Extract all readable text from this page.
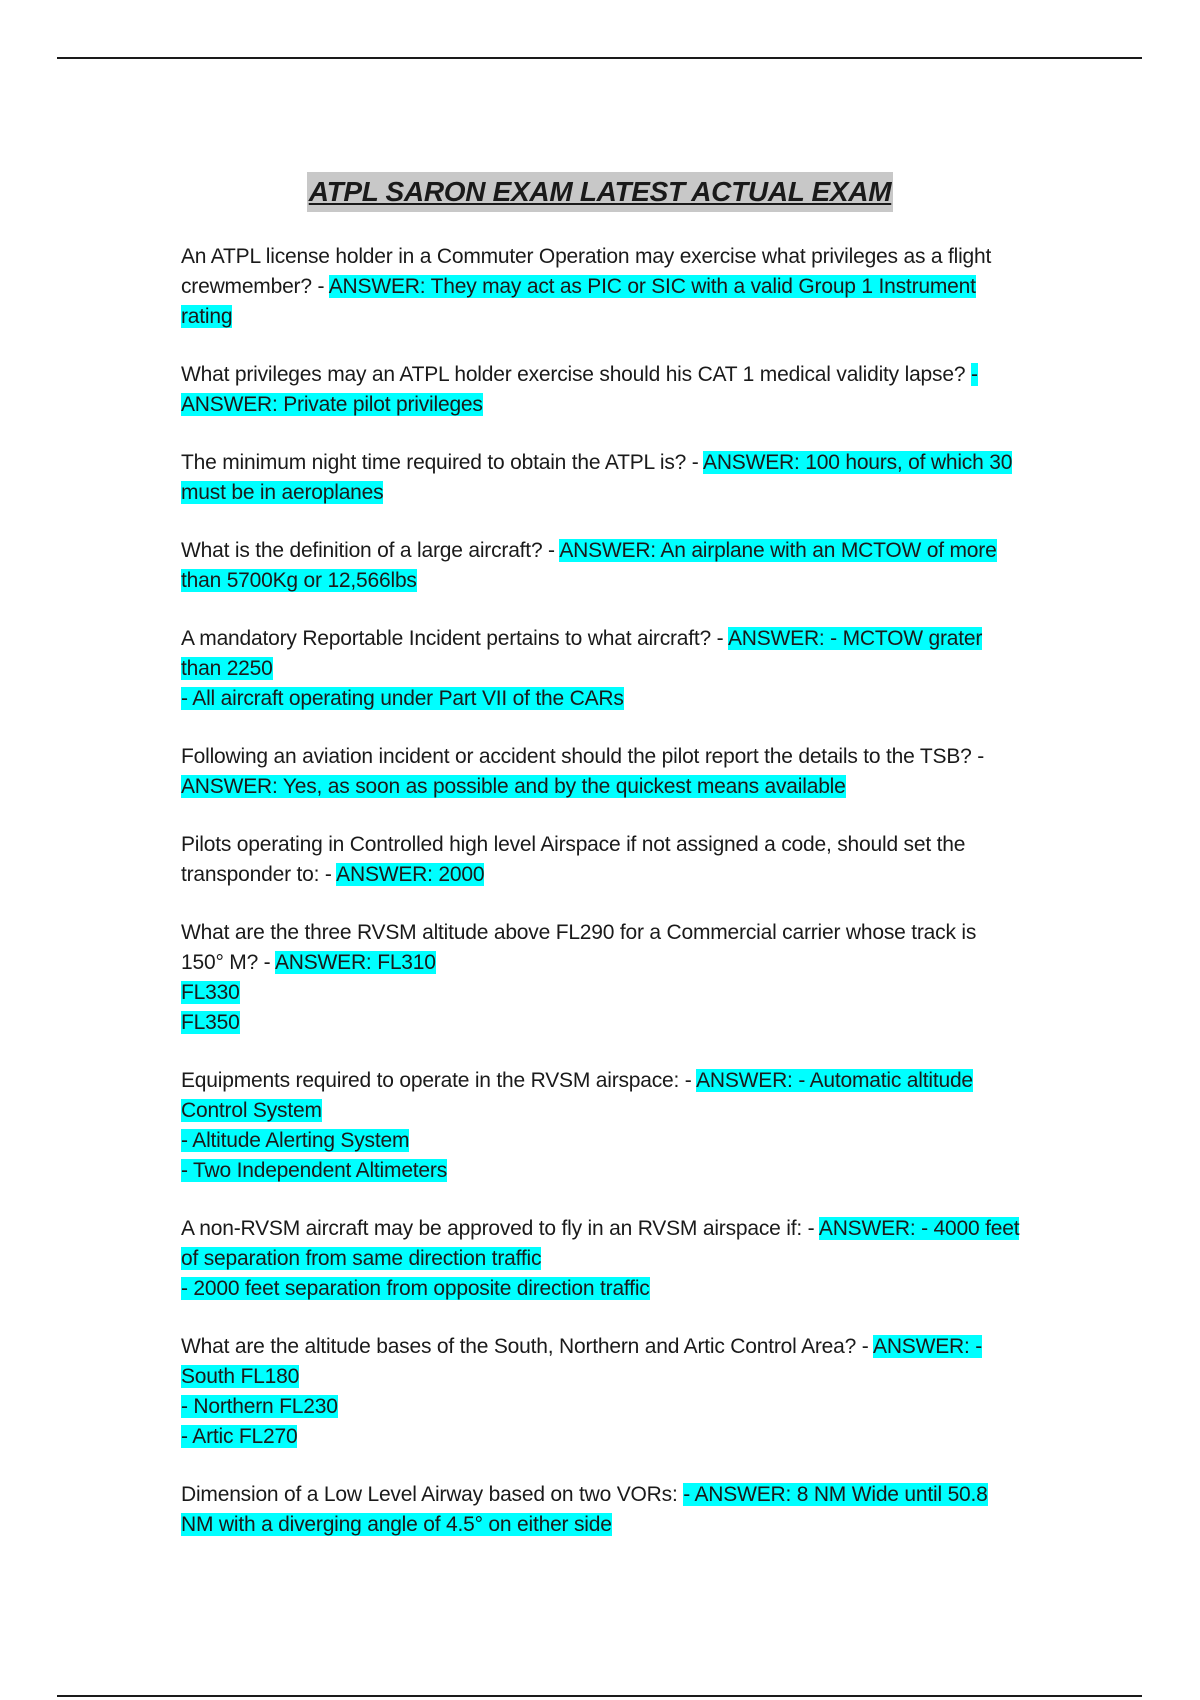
ATPL SARON EXAM LATEST ACTUAL EXAM
An ATPL license holder in a Commuter Operation may exercise what privileges as a flight crewmember? - ANSWER: They may act as PIC or SIC with a valid Group 1 Instrument rating
What privileges may an ATPL holder exercise should his CAT 1 medical validity lapse? - ANSWER: Private pilot privileges
The minimum night time required to obtain the ATPL is? - ANSWER: 100 hours, of which 30 must be in aeroplanes
What is the definition of a large aircraft? - ANSWER: An airplane with an MCTOW of more than 5700Kg or 12,566lbs
A mandatory Reportable Incident pertains to what aircraft? - ANSWER: - MCTOW grater than 2250
- All aircraft operating under Part VII of the CARs
Following an aviation incident or accident should the pilot report the details to the TSB? - ANSWER: Yes, as soon as possible and by the quickest means available
Pilots operating in Controlled high level Airspace if not assigned a code, should set the transponder to: - ANSWER: 2000
What are the three RVSM altitude above FL290 for a Commercial carrier whose track is 150° M? - ANSWER: FL310
FL330
FL350
Equipments required to operate in the RVSM airspace: - ANSWER: - Automatic altitude Control System
- Altitude Alerting System
- Two Independent Altimeters
A non-RVSM aircraft may be approved to fly in an RVSM airspace if: - ANSWER: - 4000 feet of separation from same direction traffic
- 2000 feet separation from opposite direction traffic
What are the altitude bases of the South, Northern and Artic Control Area? - ANSWER: - South FL180
- Northern FL230
- Artic FL270
Dimension of a Low Level Airway based on two VORs: - ANSWER: 8 NM Wide until 50.8 NM with a diverging angle of 4.5° on either side
